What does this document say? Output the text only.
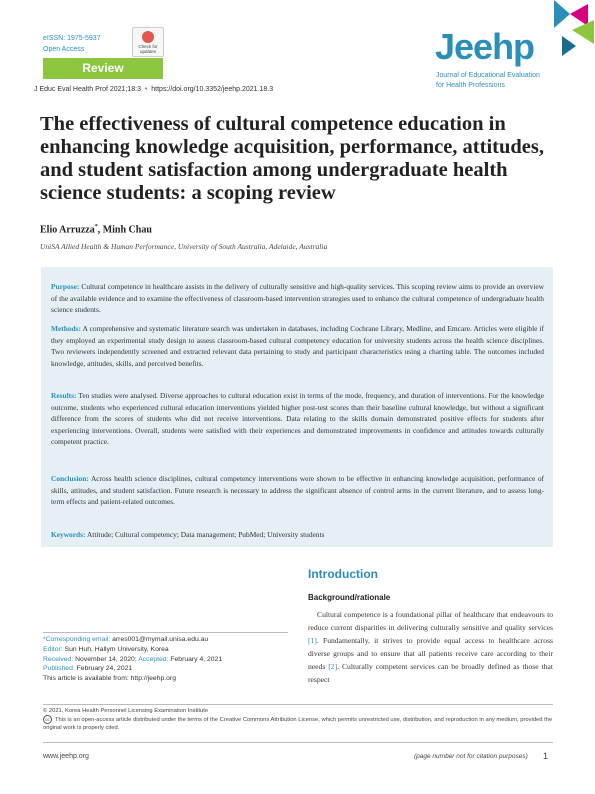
eISSN: 1975-5937
Open Access	Check for updates
Review
J Educ Eval Health Prof 2021;18:3  •  https://doi.org/10.3352/jeehp.2021.18.3
Jeehp
Journal of Educational Evaluation
for Health Professions
The effectiveness of cultural competence education in enhancing knowledge acquisition, performance, attitudes, and student satisfaction among undergraduate health science students: a scoping review
Elio Arruzza*, Minh Chau
UniSA Allied Health & Human Performance, University of South Australia, Adelaide, Australia

Purpose: Cultural competence in healthcare assists in the delivery of culturally sensitive and high-quality services. This scoping review aims to provide an overview of the available evidence and to examine the effectiveness of classroom-based intervention strategies used to enhance the cultural competence of undergraduate health science students.

Methods: A comprehensive and systematic literature search was undertaken in databases, including Cochrane Library, Medline, and Emcare. Articles were eligible if they employed an experimental study design to assess classroom-based cultural competency education for university students across the health science disciplines. Two reviewers independently screened and extracted relevant data pertaining to study and participant characteristics using a charting table. The outcomes included knowledge, attitudes, skills, and perceived benefits.

Results: Ten studies were analysed. Diverse approaches to cultural education exist in terms of the mode, frequency, and duration of interventions. For the knowledge outcome, students who experienced cultural education interventions yielded higher post-test scores than their baseline cultural knowledge, but without a significant difference from the scores of students who did not receive interventions. Data relating to the skills domain demonstrated positive effects for students after experiencing interventions. Overall, students were satisfied with their experiences and demonstrated improvements in confidence and attitudes towards culturally competent practice.

Conclusion: Across health science disciplines, cultural competency interventions were shown to be effective in enhancing knowledge acquisition, performance of skills, attitudes, and student satisfaction. Future research is necessary to address the significant absence of control arms in the current literature, and to assess long-term effects and patient-related outcomes.

Keywords: Attitude; Cultural competency; Data management; PubMed; University students

Introduction
Background/rationale

Cultural competence is a foundational pillar of healthcare that endeavours to reduce current disparities in delivering culturally sensitive and quality services [1]. Fundamentally, it strives to provide equal access to healthcare across diverse groups and to ensure that all patients receive care according to their needs [2]. Culturally competent services can be broadly defined as those that respect

*Corresponding email: arres001@mymail.unisa.edu.au
Editor: Sun Huh, Hallym University, Korea
Received: November 14, 2020; Accepted: February 4, 2021
Published: February 24, 2021
This article is available from: http://jeehp.org
© 2021, Korea Health Personnel Licensing Examination Institute
cc This is an open-access article distributed under the terms of the Creative Commons Attribution License, which permits unrestricted use, distribution, and reproduction in any medium, provided the original work is properly cited.
www.jeehp.org	(page number not for citation purposes) 1
